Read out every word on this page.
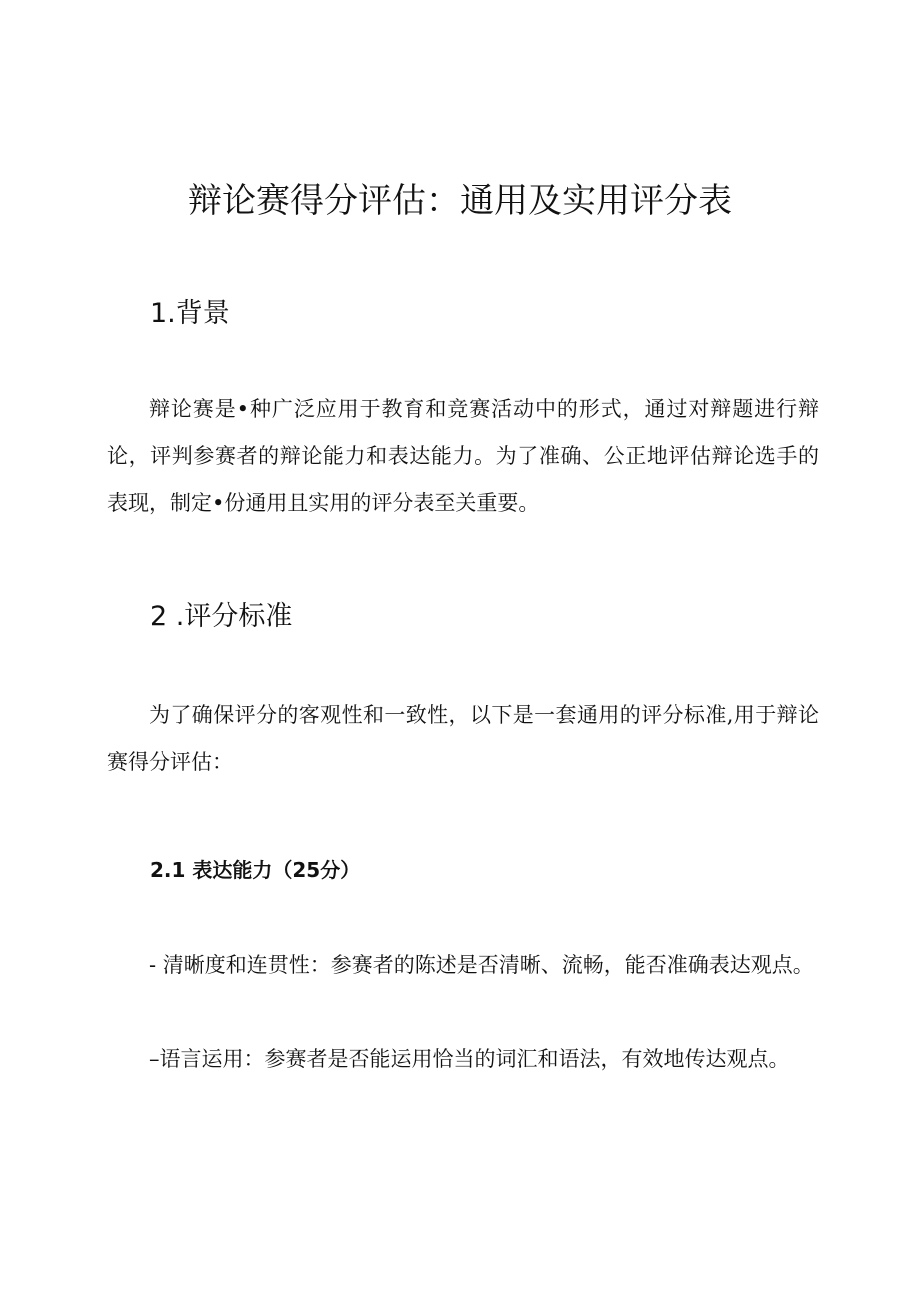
辩论赛得分评估：通用及实用评分表
1.背景

辩论赛是•种广泛应用于教育和竞赛活动中的形式，通过对辩题进行辩论，评判参赛者的辩论能力和表达能力。为了准确、公正地评估辩论选手的表现，制定•份通用且实用的评分表至关重要。

2 .评分标准

为了确保评分的客观性和一致性，以下是一套通用的评分标准,用于辩论赛得分评估：

2.1 表达能力（25分）

- 清晰度和连贯性：参赛者的陈述是否清晰、流畅，能否准确表达观点。

–语言运用：参赛者是否能运用恰当的词汇和语法，有效地传达观点。
